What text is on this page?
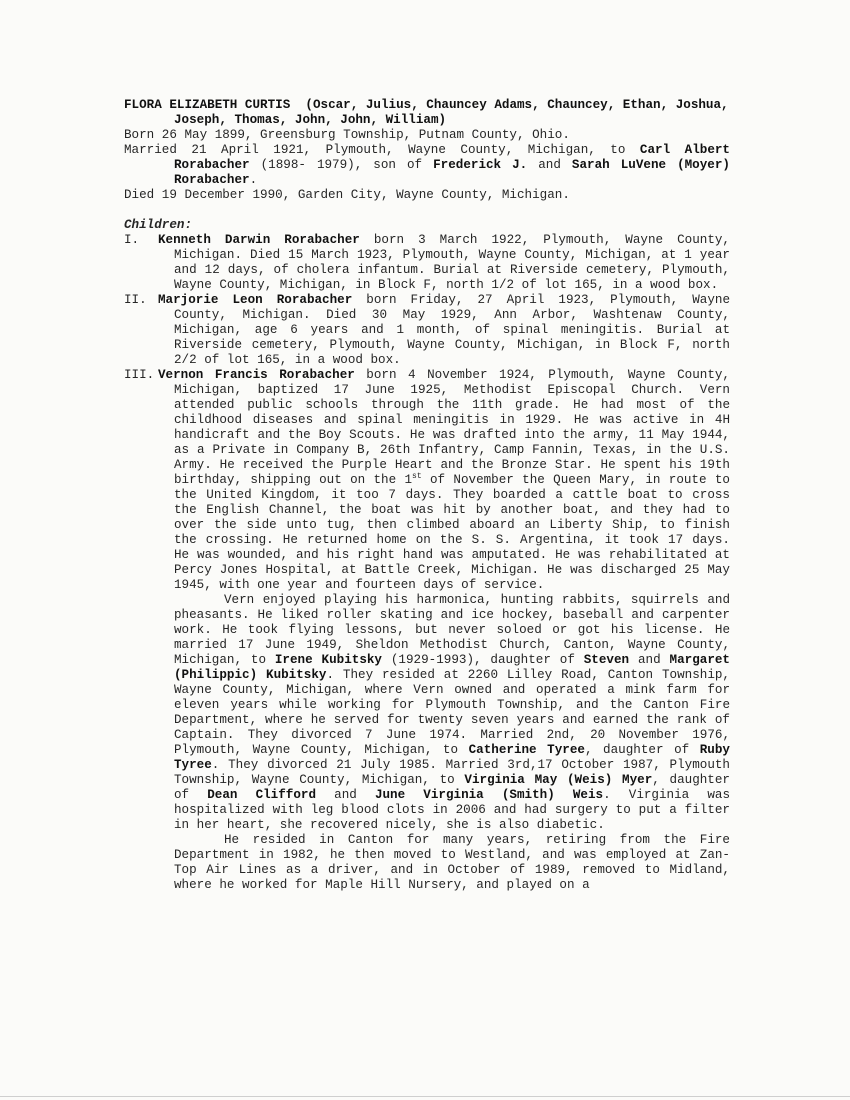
FLORA ELIZABETH CURTIS (Oscar, Julius, Chauncey Adams, Chauncey, Ethan, Joshua, Joseph, Thomas, John, John, William)

Born 26 May 1899, Greensburg Township, Putnam County, Ohio.

Married 21 April 1921, Plymouth, Wayne County, Michigan, to Carl Albert Rorabacher (1898- 1979), son of Frederick J. and Sarah LuVene (Moyer) Rorabacher.

Died 19 December 1990, Garden City, Wayne County, Michigan.

Children:

I.	Kenneth Darwin Rorabacher born 3 March 1922, Plymouth, Wayne County, Michigan. Died 15 March 1923, Plymouth, Wayne County, Michigan, at 1 year and 12 days, of cholera infantum. Burial at Riverside cemetery, Plymouth, Wayne County, Michigan, in Block F, north 1/2 of lot 165, in a wood box.

II. Marjorie Leon Rorabacher born Friday, 27 April 1923, Plymouth, Wayne County, Michigan. Died 30 May 1929, Ann Arbor, Washtenaw County, Michigan, age 6 years and 1 month, of spinal meningitis. Burial at Riverside cemetery, Plymouth, Wayne County, Michigan, in Block F, north 2/2 of lot 165, in a wood box.

III. Vernon Francis Rorabacher born 4 November 1924, Plymouth, Wayne County, Michigan, baptized 17 June 1925, Methodist Episcopal Church. Vern attended public schools through the 11th grade. He had most of the childhood diseases and spinal meningitis in 1929. He was active in 4H handicraft and the Boy Scouts. He was drafted into the army, 11 May 1944, as a Private in Company B, 26th Infantry, Camp Fannin, Texas, in the U.S. Army. He received the Purple Heart and the Bronze Star. He spent his 19th birthday, shipping out on the 1st of November the Queen Mary, in route to the United Kingdom, it too 7 days. They boarded a cattle boat to cross the English Channel, the boat was hit by another boat, and they had to over the side unto tug, then climbed aboard an Liberty Ship, to finish the crossing. He returned home on the S. S. Argentina, it took 17 days. He was wounded, and his right hand was amputated. He was rehabilitated at Percy Jones Hospital, at Battle Creek, Michigan. He was discharged 25 May 1945, with one year and fourteen days of service.

Vern enjoyed playing his harmonica, hunting rabbits, squirrels and pheasants. He liked roller skating and ice hockey, baseball and carpenter work. He took flying lessons, but never soloed or got his license. He married 17 June 1949, Sheldon Methodist Church, Canton, Wayne County, Michigan, to Irene Kubitsky (1929-1993), daughter of Steven and Margaret (Philippic) Kubitsky. They resided at 2260 Lilley Road, Canton Township, Wayne County, Michigan, where Vern owned and operated a mink farm for eleven years while working for Plymouth Township, and the Canton Fire Department, where he served for twenty seven years and earned the rank of Captain. They divorced 7 June 1974. Married 2nd, 20 November 1976, Plymouth, Wayne County, Michigan, to Catherine Tyree, daughter of Ruby Tyree. They divorced 21 July 1985. Married 3rd,17 October 1987, Plymouth Township, Wayne County, Michigan, to Virginia May (Weis) Myer, daughter of Dean Clifford and June Virginia (Smith) Weis. Virginia was hospitalized with leg blood clots in 2006 and had surgery to put a filter in her heart, she recovered nicely, she is also diabetic.

He resided in Canton for many years, retiring from the Fire Department in 1982, he then moved to Westland, and was employed at Zan-Top Air Lines as a driver, and in October of 1989, removed to Midland, where he worked for Maple Hill Nursery, and played on a
